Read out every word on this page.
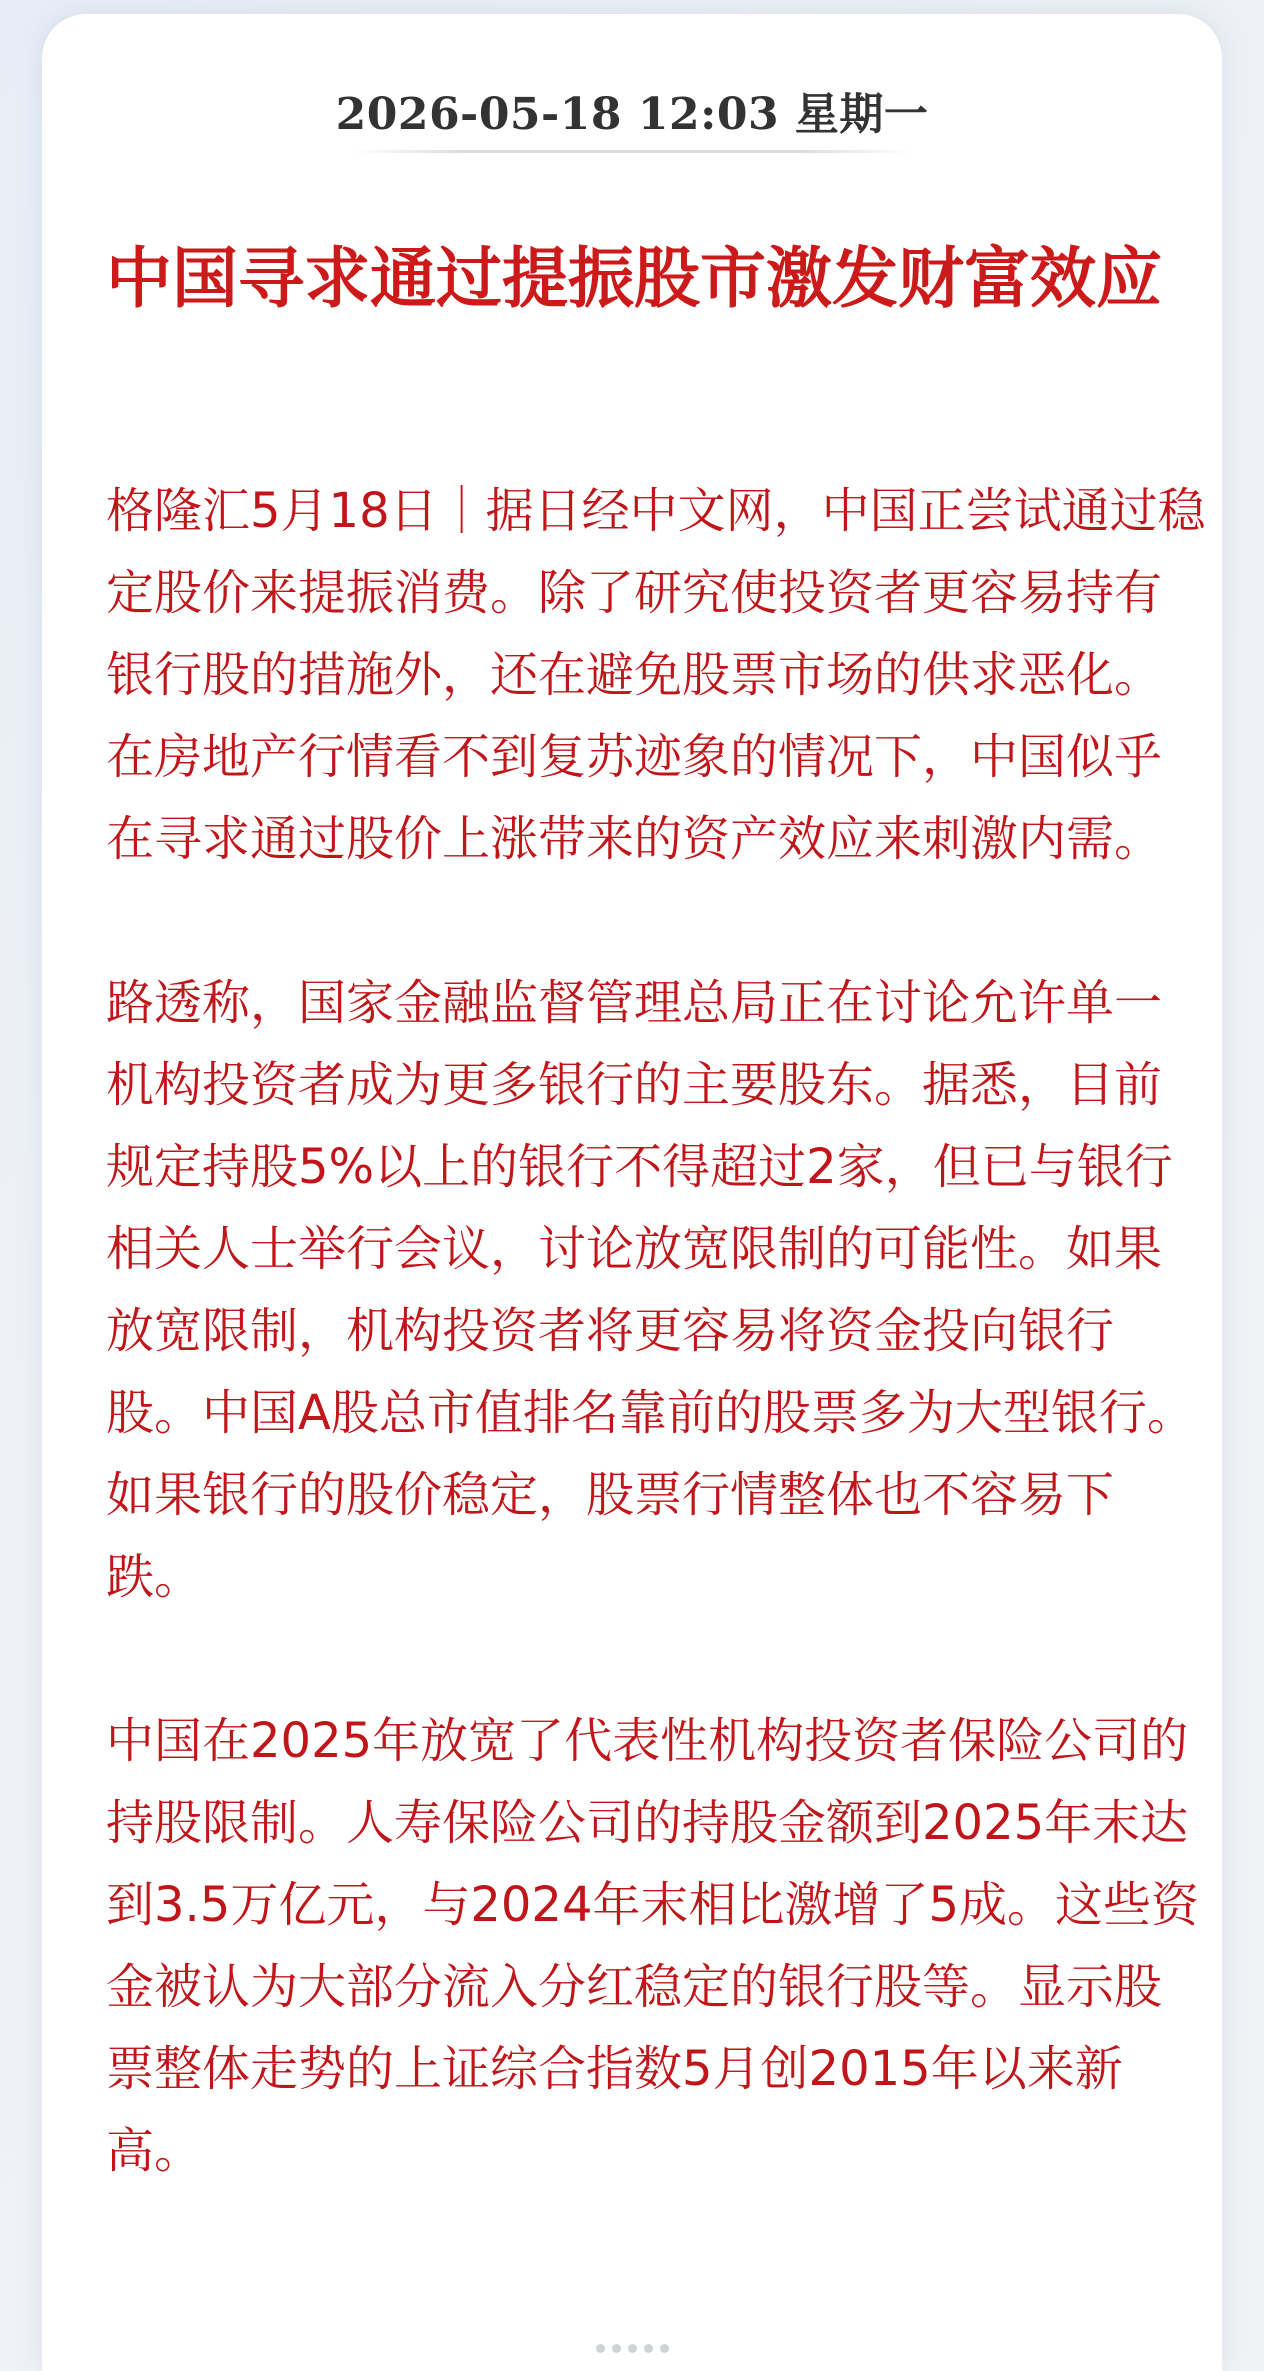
2026-05-18 12:03 星期一
中国寻求通过提振股市激发财富效应

格隆汇5月18日｜据日经中文网，中国正尝试通过稳定股价来提振消费。除了研究使投资者更容易持有银行股的措施外，还在避免股票市场的供求恶化。在房地产行情看不到复苏迹象的情况下，中国似乎在寻求通过股价上涨带来的资产效应来刺激内需。

路透称，国家金融监督管理总局正在讨论允许单一机构投资者成为更多银行的主要股东。据悉，目前规定持股5%以上的银行不得超过2家，但已与银行相关人士举行会议，讨论放宽限制的可能性。如果放宽限制，机构投资者将更容易将资金投向银行股。中国A股总市值排名靠前的股票多为大型银行。如果银行的股价稳定，股票行情整体也不容易下跌。

中国在2025年放宽了代表性机构投资者保险公司的持股限制。人寿保险公司的持股金额到2025年末达到3.5万亿元，与2024年末相比激增了5成。这些资金被认为大部分流入分红稳定的银行股等。显示股票整体走势的上证综合指数5月创2015年以来新高。
